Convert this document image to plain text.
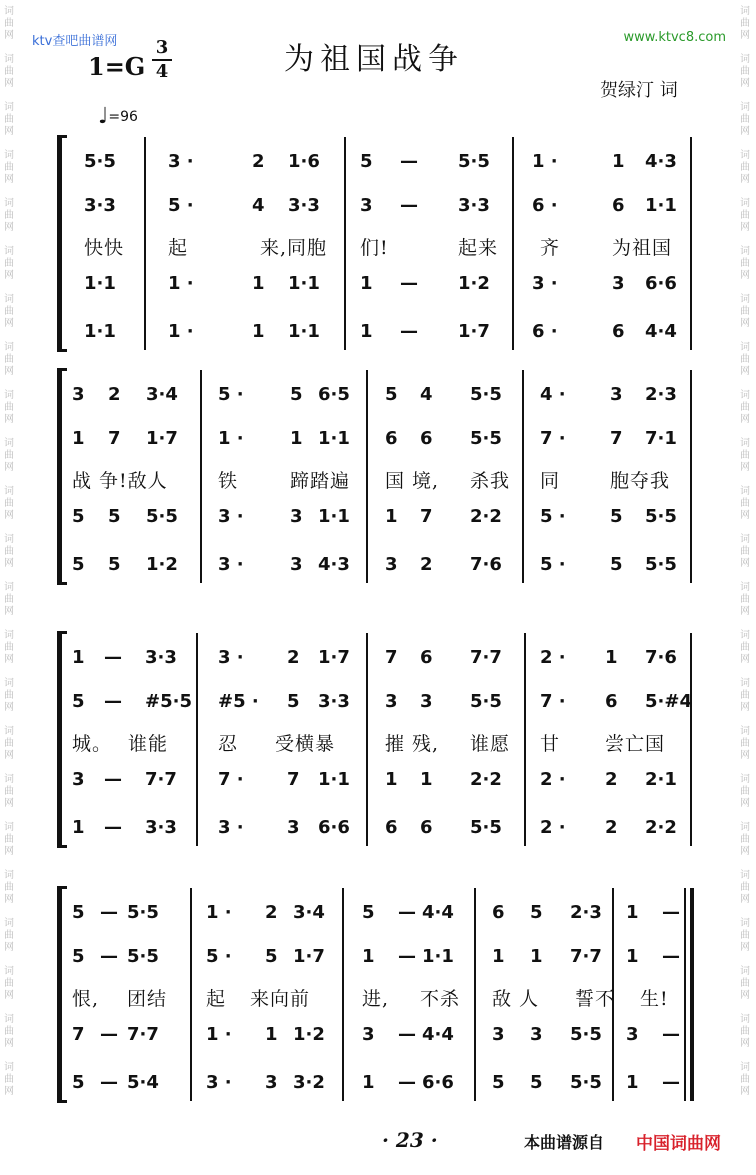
词
曲
网

词
曲
网

词
曲
网

词
曲
网

词
曲
网

词
曲
网

词
曲
网

词
曲
网

词
曲
网

词
曲
网

词
曲
网

词
曲
网

词
曲
网

词
曲
网

词
曲
网

词
曲
网

词
曲
网

词
曲
网

词
曲
网

词
曲
网

词
曲
网

词
曲
网

词
曲
网
词
曲
网

词
曲
网

词
曲
网

词
曲
网

词
曲
网

词
曲
网

词
曲
网

词
曲
网

词
曲
网

词
曲
网

词
曲
网

词
曲
网

词
曲
网

词
曲
网

词
曲
网

词
曲
网

词
曲
网

词
曲
网

词
曲
网

词
曲
网

词
曲
网

词
曲
网

词
曲
网
ktv查吧曲谱网	www.ktvc8.com
为祖国战争
1=G
3
4
贺绿汀 词
♩=96
5·5	3 ·	2 1·6 5 — 5·5 1 ·	1 4·3
3·3	5 ·	4 3·3 3 — 3·3 6 ·	6 1·1
1·1	1 ·	1 1·1 1 — 1·2 3 ·	3 6·6
1·1	1 ·	1 1·1 1 — 1·7 6 ·	6 4·4
快快 起	来,同胞 们!	起来 齐	为祖国
3 2 3·4 5 ·	5 6·5 5 4 5·5 4 · 3 2·3
1 7 1·7 1 ·	1 1·1 6 6 5·5 7 · 7 7·1
5 5 5·5 3 ·	3 1·1 1 7 2·2 5 · 5 5·5
5 5 1·2 3 ·	3 4·3 3 2 7·6 5 · 5 5·5
战 争!敌人	铁	蹄踏遍 国 境, 杀我 同	胞夺我
1 — 3·3 3 · 2 1·7 7 6 7·7 2 · 1 7·6
5 — #5·5 #5 · 5 3·3 3 3 5·5 7 · 6 5·#4
3 — 7·7 7 · 7 1·1 1 1 2·2 2 · 2 2·1
1 — 3·3 3 · 3 6·6 6 6 5·5 2 · 2 2·2
城。 谁能	忍 受横暴	摧 残, 谁愿 甘 尝亡国
5 — 5·5	1 · 2 3·4 5 — 4·4 6 5 2·3 1 —
5 — 5·5	5 · 5 1·7 1 — 1·1 1 1 7·7 1 —
7 — 7·7	1 · 1 1·2 3 — 4·4 3 3 5·5 3 —
5 — 5·4	3 · 3 3·2 1 — 6·6 5 5 5·5 1 —
恨, 团结 起 来向前	进, 不杀 敌 人 誓不 生!
· 23 ·	本曲谱源自 中国词曲网
